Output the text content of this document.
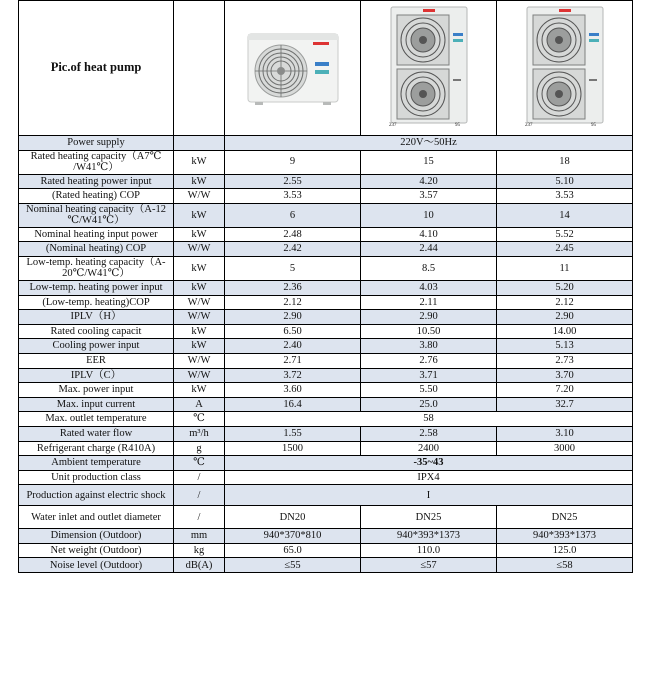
Pic.of heat pump			237 95	237 95

Power supply		220V～50Hz		
Rated heating capacity（A7℃ /W41℃）	kW	9	15	18
Rated heating power input	kW	2.55	4.20	5.10
(Rated heating) COP	W/W	3.53	3.57	3.53
Nominal heating capacity（A-12 ℃/W41℃）	kW	6	10	14
Nominal heating input power	kW	2.48	4.10	5.52
(Nominal heating) COP	W/W	2.42	2.44	2.45
Low-temp. heating capacity（A-20℃/W41℃）	kW	5	8.5	11
Low-temp. heating power input	kW	2.36	4.03	5.20
(Low-temp. heating)COP	W/W	2.12	2.11	2.12
IPLV（H）	W/W	2.90	2.90	2.90
Rated cooling capacit	kW	6.50	10.50	14.00
Cooling power input	kW	2.40	3.80	5.13
EER	W/W	2.71	2.76	2.73
IPLV（C）	W/W	3.72	3.71	3.70
Max. power input	kW	3.60	5.50	7.20
Max. input current	A	16.4	25.0	32.7
Max. outlet temperature	℃	58		
Rated water flow	m³/h	1.55	2.58	3.10
Refrigerant charge (R410A)	g	1500	2400	3000
Ambient temperature	℃	-35~43		
Unit production class	/	IPX4		
Production against electric shock	/	I		
Water inlet and outlet diameter	/	DN20	DN25	DN25
Dimension (Outdoor)	mm	940*370*810	940*393*1373	940*393*1373
Net weight (Outdoor)	kg	65.0	110.0	125.0
Noise level (Outdoor)	dB(A)	≤55	≤57	≤58
